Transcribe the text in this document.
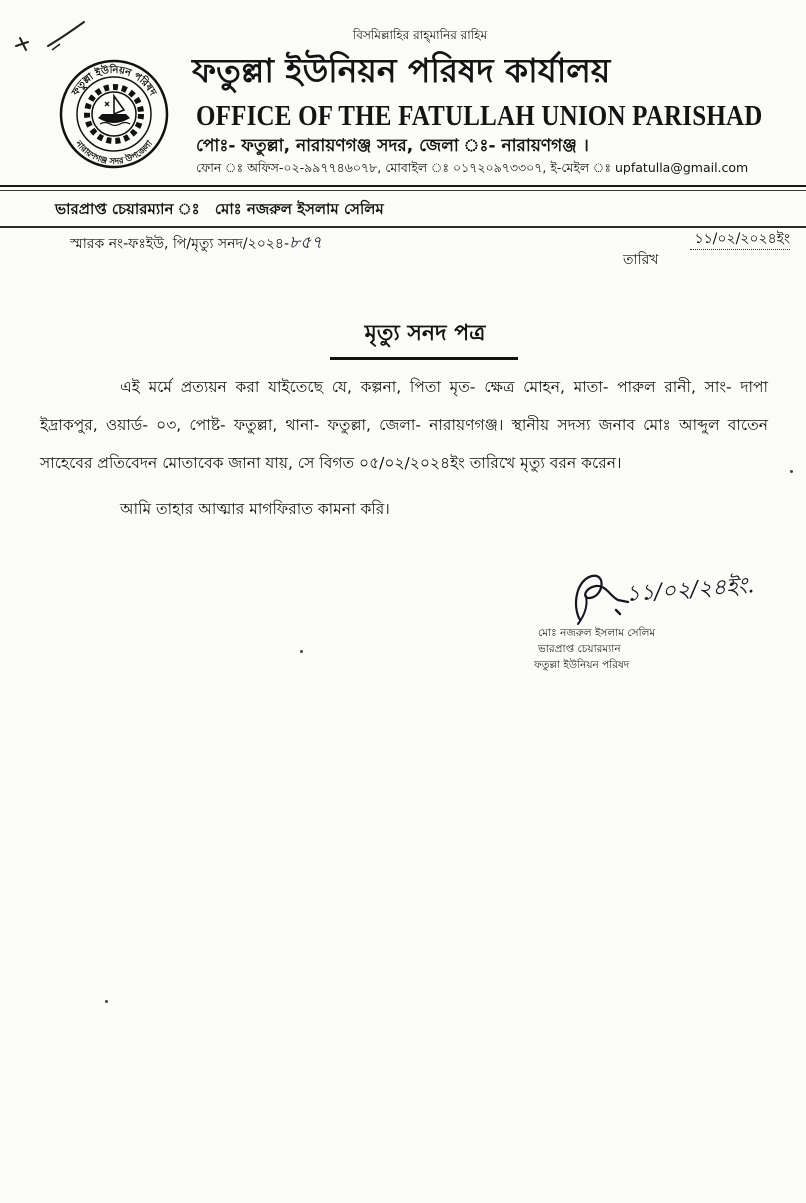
বিসমিল্লাহির রাহ্‌মানির রাহিম
ফতুল্লা ইউনিয়ন পরিষদ
নারায়ণগঞ্জ সদর উপজেলা
ফতুল্লা ইউনিয়ন পরিষদ কার্যালয়
OFFICE OF THE FATULLAH UNION PARISHAD
পোঃ- ফতুল্লা, নারায়ণগঞ্জ সদর, জেলা ঃ- নারায়ণগঞ্জ ।
ফোন ঃ অফিস-০২-৯৯৭৭৪৬০৭৮, মোবাইল ঃ ০১৭২০৯৭৩৩০৭, ই-মেইল ঃ upfatulla@gmail.com
ভারপ্রাপ্ত চেয়ারম্যান ঃ মোঃ নজরুল ইসলাম সেলিম
স্মারক নং-ফঃইউ, পি/মৃত্যু সনদ/২০২৪-৮৫৭	১১/০২/২০২৪ইং
তারিখ
মৃত্যু সনদ পত্র

এই মর্মে প্রত্যয়ন করা যাইতেছে যে, কল্পনা, পিতা মৃত- ক্ষেত্র মোহন, মাতা- পারুল রানী, সাং- দাপা ইদ্রাকপুর, ওয়ার্ড- ০৩, পোষ্ট- ফতুল্লা, থানা- ফতুল্লা, জেলা- নারায়ণগঞ্জ। স্থানীয় সদস্য জনাব মোঃ আব্দুল বাতেন সাহেবের প্রতিবেদন মোতাবেক জানা যায়, সে বিগত ০৫/০২/২০২৪ইং তারিখে মৃত্যু বরন করেন।

আমি তাহার আত্মার মাগফিরাত কামনা করি।

১১/০২/২৪ইং.
মোঃ নজরুল ইসলাম সেলিম
ভারপ্রাপ্ত চেয়ারম্যান
ফতুল্লা ইউনিয়ন পরিষদ
